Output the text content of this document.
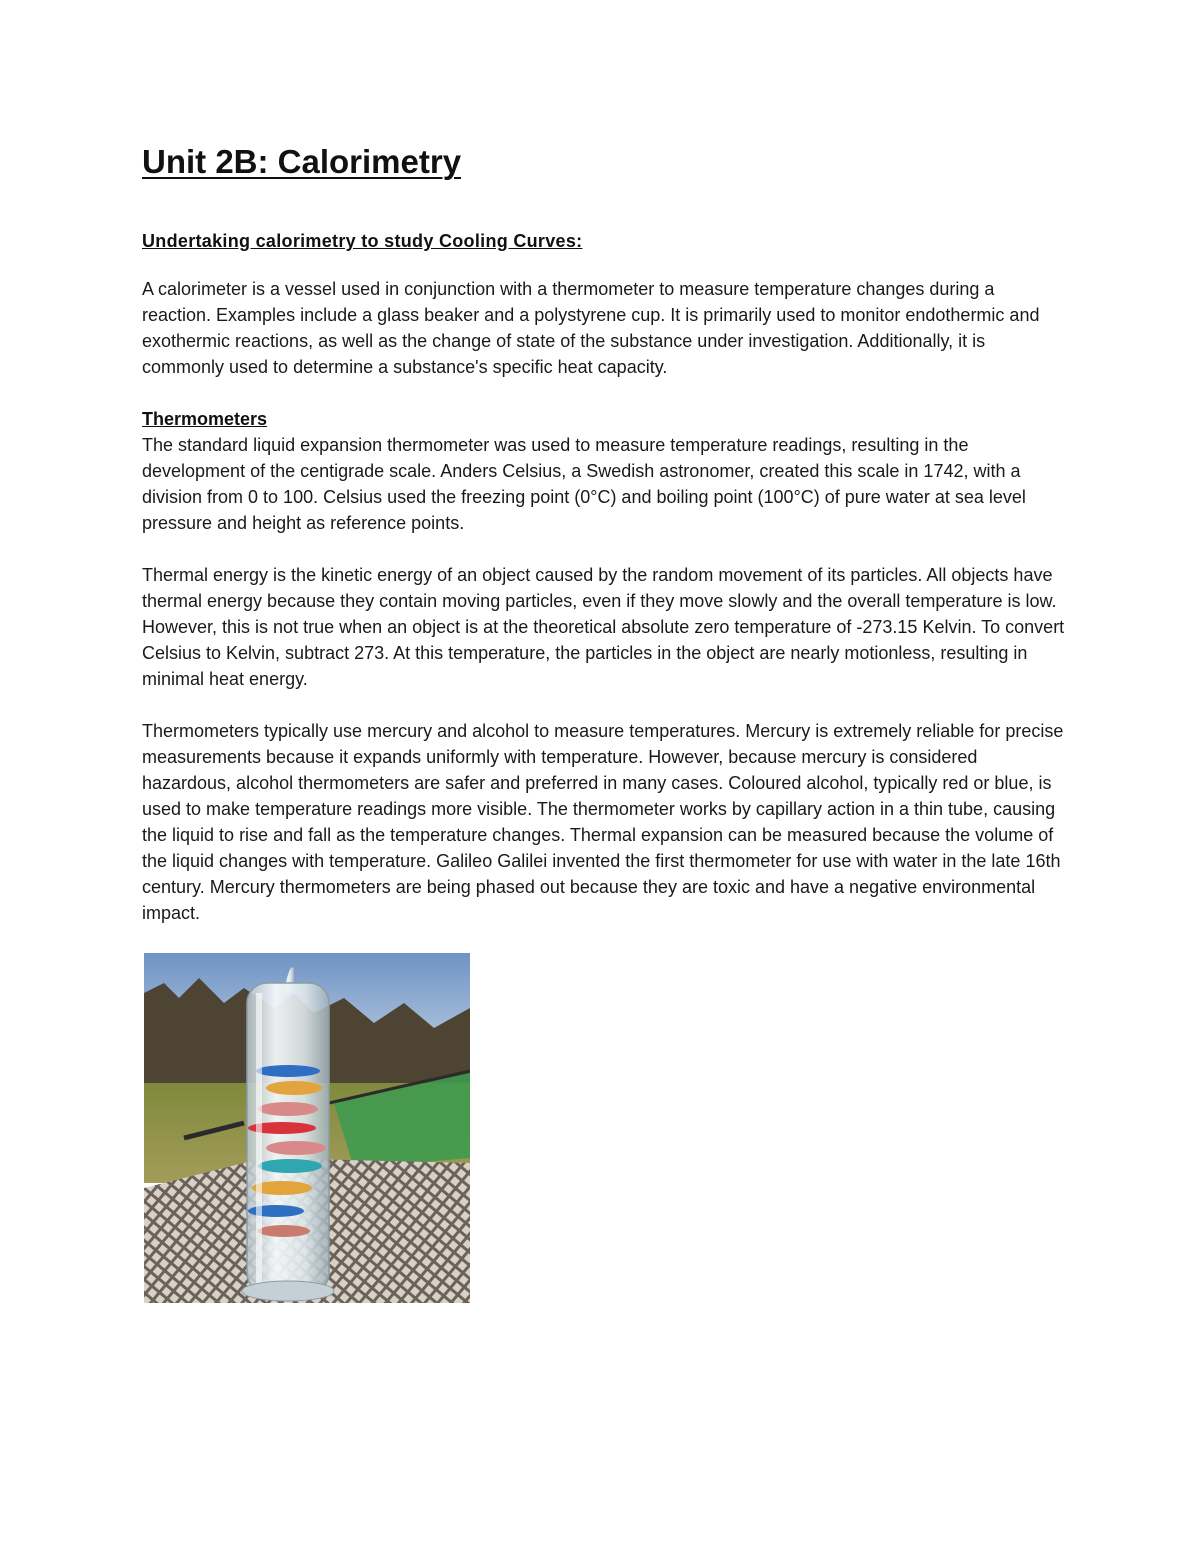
Unit 2B: Calorimetry
Undertaking calorimetry to study Cooling Curves:

A calorimeter is a vessel used in conjunction with a thermometer to measure temperature changes during a reaction. Examples include a glass beaker and a polystyrene cup. It is primarily used to monitor endothermic and exothermic reactions, as well as the change of state of the substance under investigation. Additionally, it is commonly used to determine a substance's specific heat capacity.

Thermometers

The standard liquid expansion thermometer was used to measure temperature readings, resulting in the development of the centigrade scale. Anders Celsius, a Swedish astronomer, created this scale in 1742, with a division from 0 to 100. Celsius used the freezing point (0°C) and boiling point (100°C) of pure water at sea level pressure and height as reference points.

Thermal energy is the kinetic energy of an object caused by the random movement of its particles. All objects have thermal energy because they contain moving particles, even if they move slowly and the overall temperature is low. However, this is not true when an object is at the theoretical absolute zero temperature of -273.15 Kelvin. To convert Celsius to Kelvin, subtract 273. At this temperature, the particles in the object are nearly motionless, resulting in minimal heat energy.

Thermometers typically use mercury and alcohol to measure temperatures. Mercury is extremely reliable for precise measurements because it expands uniformly with temperature. However, because mercury is considered hazardous, alcohol thermometers are safer and preferred in many cases. Coloured alcohol, typically red or blue, is used to make temperature readings more visible. The thermometer works by capillary action in a thin tube, causing the liquid to rise and fall as the temperature changes. Thermal expansion can be measured because the volume of the liquid changes with temperature. Galileo Galilei invented the first thermometer for use with water in the late 16th century. Mercury thermometers are being phased out because they are toxic and have a negative environmental impact.
